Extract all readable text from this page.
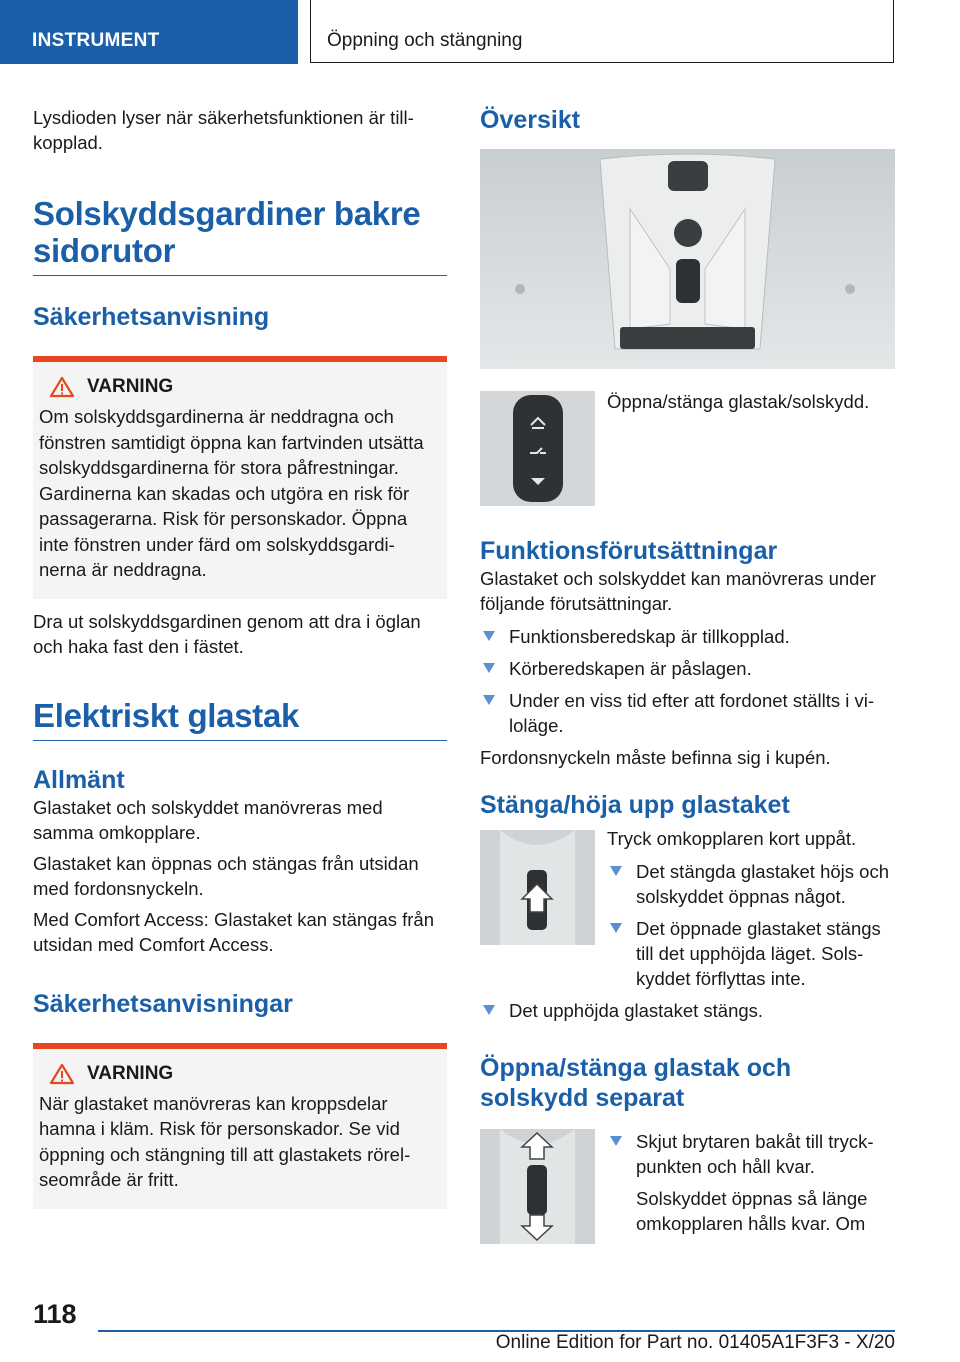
INSTRUMENT	Öppning och stängning

Lysdioden lyser när säkerhetsfunktionen är till-kopplad.

Solskyddsgardiner bakre sidorutor
Säkerhetsanvisning
VARNING

Om solskyddsgardinerna är neddragna och fönstren samtidigt öppna kan fartvinden utsätta solskyddsgardinerna för stora påfrestningar. Gardinerna kan skadas och utgöra en risk för passagerarna. Risk för personskador. Öppna inte fönstren under färd om solskyddsgardi-nerna är neddragna.

Dra ut solskyddsgardinen genom att dra i öglan och haka fast den i fästet.

Elektriskt glastak
Allmänt

Glastaket och solskyddet manövreras med samma omkopplare.

Glastaket kan öppnas och stängas från utsidan med fordonsnyckeln.

Med Comfort Access: Glastaket kan stängas från utsidan med Comfort Access.

Säkerhetsanvisningar
VARNING

När glastaket manövreras kan kroppsdelar hamna i kläm. Risk för personskador. Se vid öppning och stängning till att glastakets rörel-seområde är fritt.

Översikt

Öppna/stänga glastak/solskydd.

Funktionsförutsättningar

Glastaket och solskyddet kan manövreras under följande förutsättningar.

Funktionsberedskap är tillkopplad.
Körberedskapen är påslagen.
Under en viss tid efter att fordonet ställts i vi-loläge.

Fordonsnyckeln måste befinna sig i kupén.

Stänga/höja upp glastaket

Tryck omkopplaren kort uppåt.

Det stängda glastaket höjs och solskyddet öppnas något.
Det öppnade glastaket stängs till det upphöjda läget. Sols-kyddet förflyttas inte.
Det upphöjda glastaket stängs.
Öppna/stänga glastak och solskydd separat
Skjut brytaren bakåt till tryck-punkten och håll kvar.

Solskyddet öppnas så länge omkopplaren hålls kvar. Om

118
Online Edition for Part no. 01405A1F3F3 - X/20
